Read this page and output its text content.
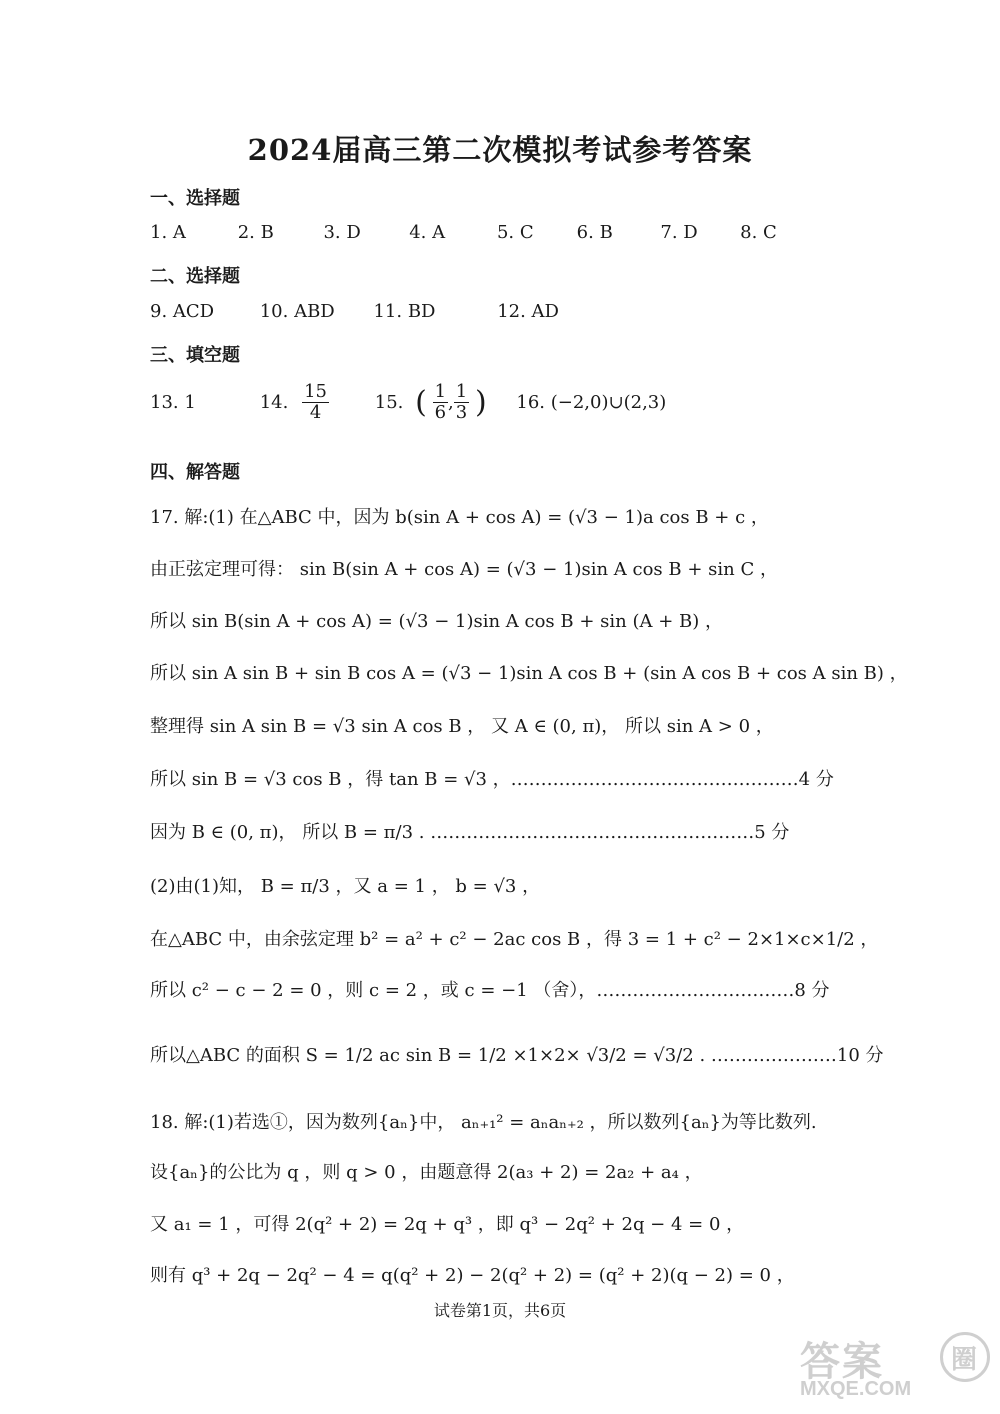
2024届高三第二次模拟考试参考答案
一、选择题
1. A	2. B	3. D	4. A	5. C 6. B	7. D 8. C
二、选择题
9. ACD	10. ABD 11. BD	12. AD
三、填空题
13. 1	14. $\frac{15}{4}$	15. ( $\frac{1}{6}$ , $\frac{1}{3}$ ) 16. (−2,0)∪(2,3)
四、解答题
17. 解:(1) 在△ABC 中，因为 b(sin A + cos A) = (√3 − 1)a cos B + c ，
由正弦定理可得： sin B(sin A + cos A) = (√3 − 1)sin A cos B + sin C ，
所以 sin B(sin A + cos A) = (√3 − 1)sin A cos B + sin (A + B) ，
所以 sin A sin B + sin B cos A = (√3 − 1)sin A cos B + (sin A cos B + cos A sin B) ，
整理得 sin A sin B = √3 sin A cos B ， 又 A ∈ (0, π)， 所以 sin A > 0 ，
所以 sin B = √3 cos B ，得 tan B = √3 ，…………………………………………4 分
因为 B ∈ (0, π)， 所以 B = π/3 . ………………………………………………5 分
(2)由(1)知， B = π/3 ，又 a = 1 ， b = √3 ，
在△ABC 中，由余弦定理 b² = a² + c² − 2ac cos B ，得 3 = 1 + c² − 2×1×c×1/2 ，
所以 c² − c − 2 = 0 ，则 c = 2 ，或 c = −1 （舍），……………………………8 分
所以△ABC 的面积 S = 1/2 ac sin B = 1/2 ×1×2× √3/2 = √3/2 . …………………10 分
18. 解:(1)若选①，因为数列{aₙ}中， aₙ₊₁² = aₙaₙ₊₂ ，所以数列{aₙ}为等比数列.
设{aₙ}的公比为 q ，则 q > 0 ，由题意得 2(a₃ + 2) = 2a₂ + a₄ ，
又 a₁ = 1 ，可得 2(q² + 2) = 2q + q³ ，即 q³ − 2q² + 2q − 4 = 0 ，
则有 q³ + 2q − 2q² − 4 = q(q² + 2) − 2(q² + 2) = (q² + 2)(q − 2) = 0 ，
试卷第1页，共6页
答案	圈
MXQE.COM
